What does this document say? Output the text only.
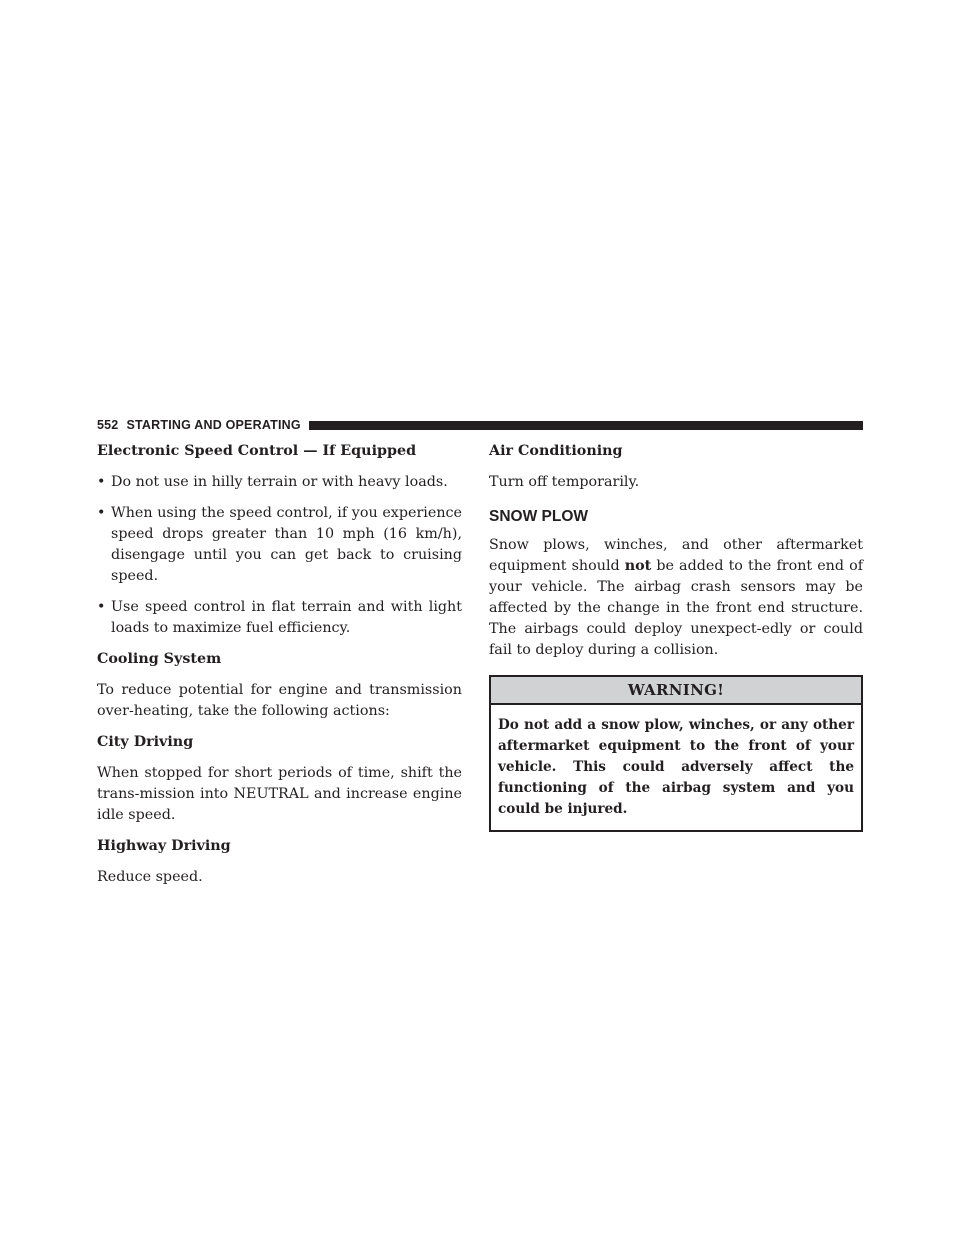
552 STARTING AND OPERATING
Electronic Speed Control — If Equipped
• Do not use in hilly terrain or with heavy loads.
• When using the speed control, if you experience speed drops greater than 10 mph (16 km/h), disengage until you can get back to cruising speed.
• Use speed control in flat terrain and with light loads to maximize fuel efficiency.
Cooling System

To reduce potential for engine and transmission over-heating, take the following actions:

City Driving

When stopped for short periods of time, shift the trans-mission into NEUTRAL and increase engine idle speed.

Highway Driving

Reduce speed.

Air Conditioning

Turn off temporarily.

SNOW PLOW

Snow plows, winches, and other aftermarket equipment should not be added to the front end of your vehicle. The airbag crash sensors may be affected by the change in the front end structure. The airbags could deploy unexpect-edly or could fail to deploy during a collision.

WARNING!
Do not add a snow plow, winches, or any other aftermarket equipment to the front of your vehicle. This could adversely affect the functioning of the airbag system and you could be injured.
